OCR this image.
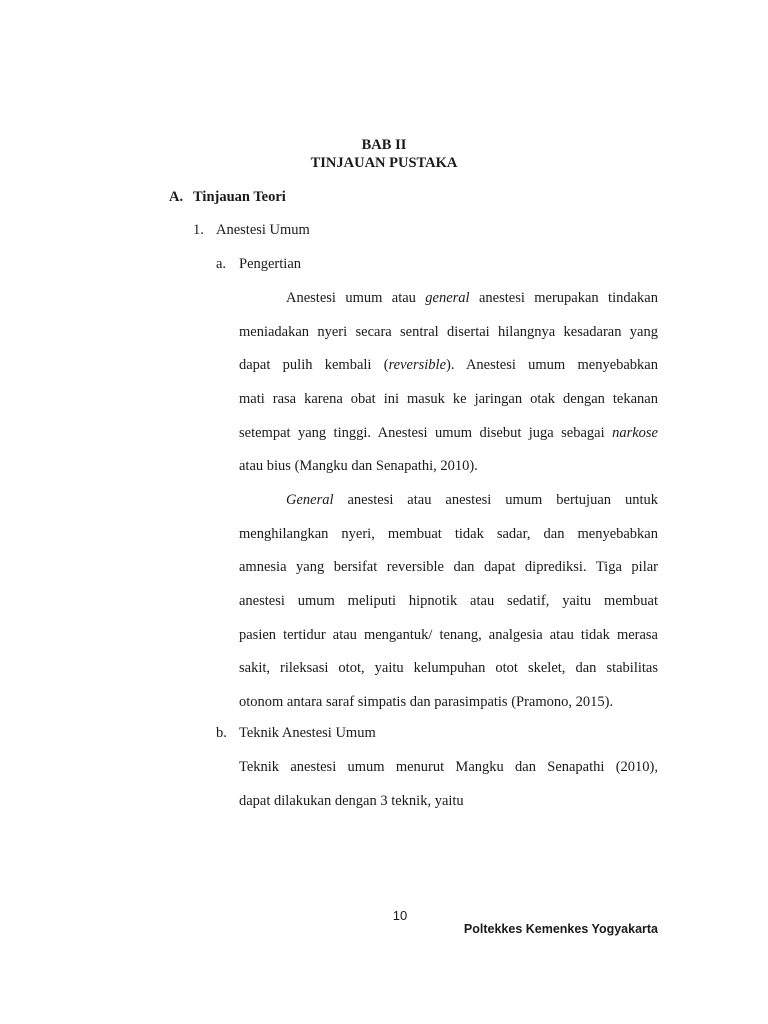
BAB II
TINJAUAN PUSTAKA
A. Tinjauan Teori
1. Anestesi Umum
a. Pengertian
Anestesi umum atau general anestesi merupakan tindakan
meniadakan nyeri secara sentral disertai hilangnya kesadaran yang
dapat pulih kembali (reversible). Anestesi umum menyebabkan
mati rasa karena obat ini masuk ke jaringan otak dengan tekanan
setempat yang tinggi. Anestesi umum disebut juga sebagai narkose
atau bius (Mangku dan Senapathi, 2010).
General anestesi atau anestesi umum bertujuan untuk
menghilangkan nyeri, membuat tidak sadar, dan menyebabkan
amnesia yang bersifat reversible dan dapat diprediksi. Tiga pilar
anestesi umum meliputi hipnotik atau sedatif, yaitu membuat
pasien tertidur atau mengantuk/ tenang, analgesia atau tidak merasa
sakit, rileksasi otot, yaitu kelumpuhan otot skelet, dan stabilitas
otonom antara saraf simpatis dan parasimpatis (Pramono, 2015).
b. Teknik Anestesi Umum
Teknik anestesi umum menurut Mangku dan Senapathi (2010),
dapat dilakukan dengan 3 teknik, yaitu
10
Poltekkes Kemenkes Yogyakarta
